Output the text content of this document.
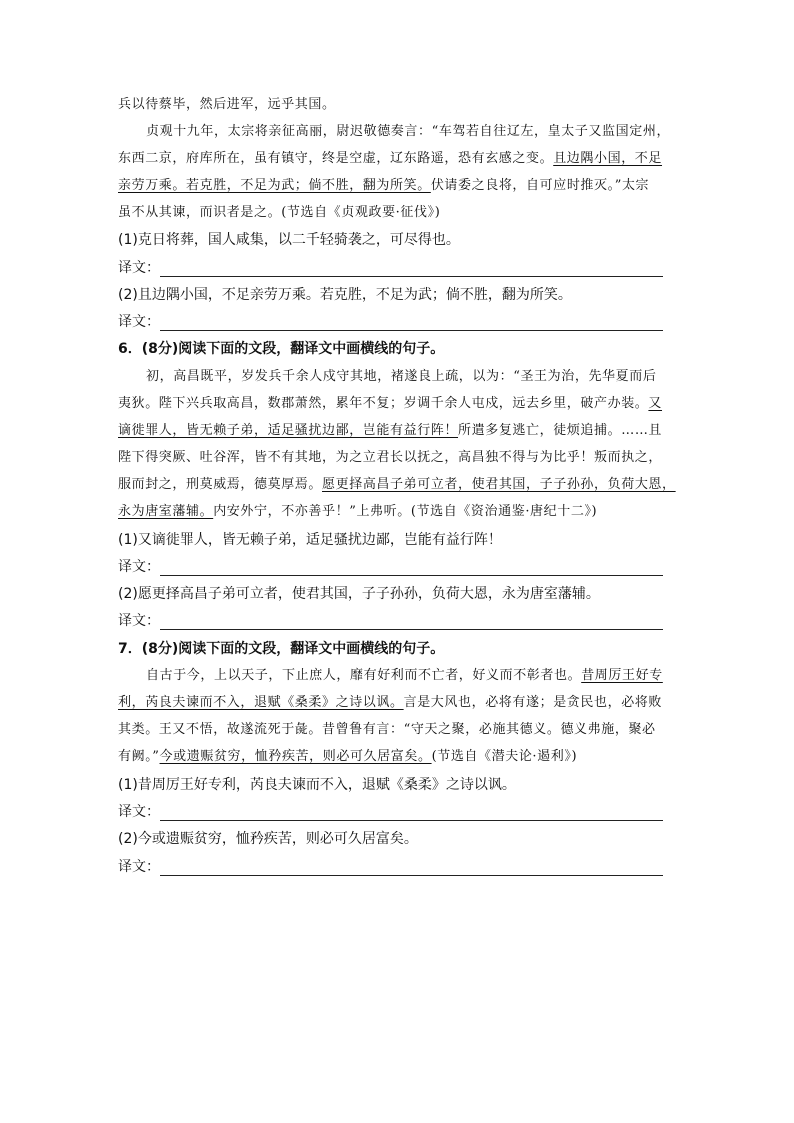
兵以待蔡毕，然后进军，远乎其国。
贞观十九年，太宗将亲征高丽，尉迟敬德奏言：“车驾若自往辽左，皇太子又监国定州，
东西二京，府库所在，虽有镇守，终是空虚，辽东路遥，恐有玄感之变。且边隅小国，不足
亲劳万乘。若克胜，不足为武；倘不胜，翻为所笑。伏请委之良将，自可应时推灭。”太宗
虽不从其谏，而识者是之。(节选自《贞观政要·征伐》)
(1)克日将葬，国人咸集，以二千轻骑袭之，可尽得也。
译文：
(2)且边隅小国，不足亲劳万乘。若克胜，不足为武；倘不胜，翻为所笑。
译文：
6．(8分)阅读下面的文段，翻译文中画横线的句子。
初，高昌既平，岁发兵千余人戍守其地，褚遂良上疏，以为：“圣王为治，先华夏而后
夷狄。陛下兴兵取高昌，数郡萧然，累年不复；岁调千余人屯戍，远去乡里，破产办装。又
谪徙罪人，皆无赖子弟，适足骚扰边鄙，岂能有益行阵！所遣多复逃亡，徒烦追捕。……且
陛下得突厥、吐谷浑，皆不有其地，为之立君长以抚之，高昌独不得与为比乎！叛而执之，
服而封之，刑莫威焉，德莫厚焉。愿更择高昌子弟可立者，使君其国，子子孙孙，负荷大恩，
永为唐室藩辅。内安外宁，不亦善乎！”上弗听。(节选自《资治通鉴·唐纪十二》)
(1)又谪徙罪人，皆无赖子弟，适足骚扰边鄙，岂能有益行阵！
译文：
(2)愿更择高昌子弟可立者，使君其国，子子孙孙，负荷大恩，永为唐室藩辅。
译文：
7．(8分)阅读下面的文段，翻译文中画横线的句子。
自古于今，上以天子，下止庶人，靡有好利而不亡者，好义而不彰者也。昔周厉王好专
利，芮良夫谏而不入，退赋《桑柔》之诗以讽。言是大风也，必将有遂；是贪民也，必将败
其类。王又不悟，故遂流死于彘。昔曾鲁有言：“守天之聚，必施其德义。德义弗施，聚必
有阙。”今或遗赈贫穷，恤矜疾苦，则必可久居富矣。(节选自《潜夫论·遏利》)
(1)昔周厉王好专利，芮良夫谏而不入，退赋《桑柔》之诗以讽。
译文：
(2)今或遗赈贫穷，恤矜疾苦，则必可久居富矣。
译文：
